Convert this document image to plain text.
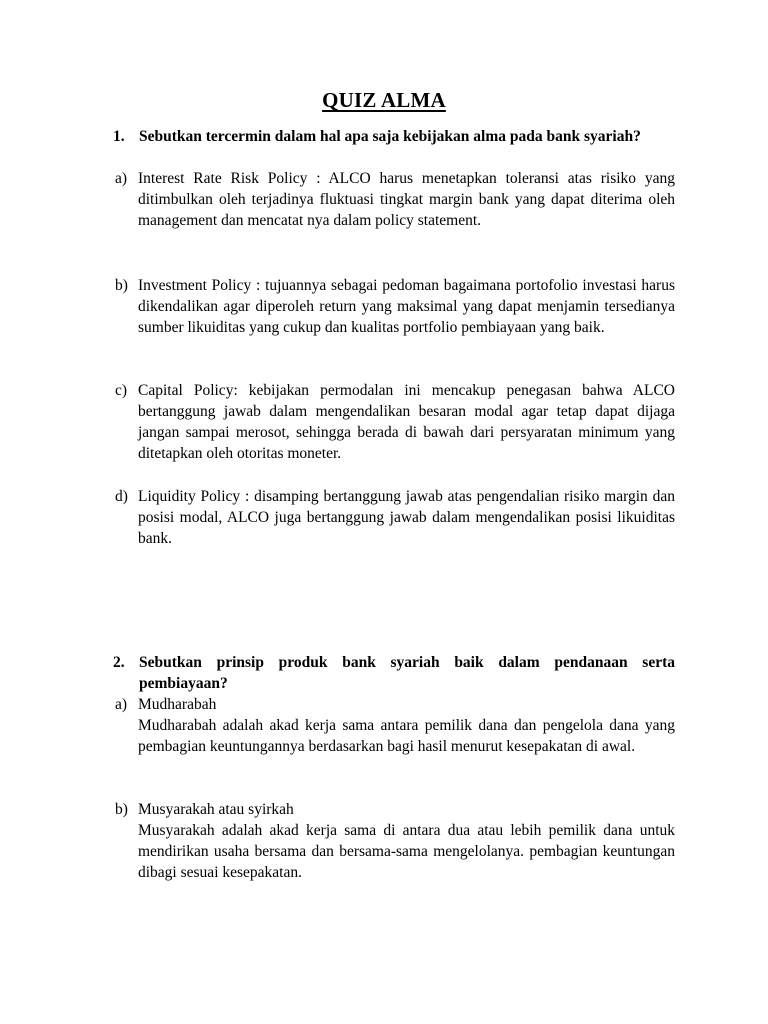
QUIZ ALMA
1. Sebutkan tercermin dalam hal apa saja kebijakan alma pada bank syariah?
a) Interest Rate Risk Policy : ALCO harus menetapkan toleransi atas risiko yang ditimbulkan oleh terjadinya fluktuasi tingkat margin bank yang dapat diterima oleh management dan mencatat nya dalam policy statement.
b) Investment Policy : tujuannya sebagai pedoman bagaimana portofolio investasi harus dikendalikan agar diperoleh return yang maksimal yang dapat menjamin tersedianya sumber likuiditas yang cukup dan kualitas portfolio pembiayaan yang baik.
c) Capital Policy: kebijakan permodalan ini mencakup penegasan bahwa ALCO bertanggung jawab dalam mengendalikan besaran modal agar tetap dapat dijaga jangan sampai merosot, sehingga berada di bawah dari persyaratan minimum yang ditetapkan oleh otoritas moneter.
d) Liquidity Policy : disamping bertanggung jawab atas pengendalian risiko margin dan posisi modal, ALCO juga bertanggung jawab dalam mengendalikan posisi likuiditas bank.
2. Sebutkan prinsip produk bank syariah baik dalam pendanaan serta pembiayaan?
a) Mudharabah
Mudharabah adalah akad kerja sama antara pemilik dana dan pengelola dana yang pembagian keuntungannya berdasarkan bagi hasil menurut kesepakatan di awal.
b) Musyarakah atau syirkah
Musyarakah adalah akad kerja sama di antara dua atau lebih pemilik dana untuk mendirikan usaha bersama dan bersama-sama mengelolanya. pembagian keuntungan dibagi sesuai kesepakatan.
